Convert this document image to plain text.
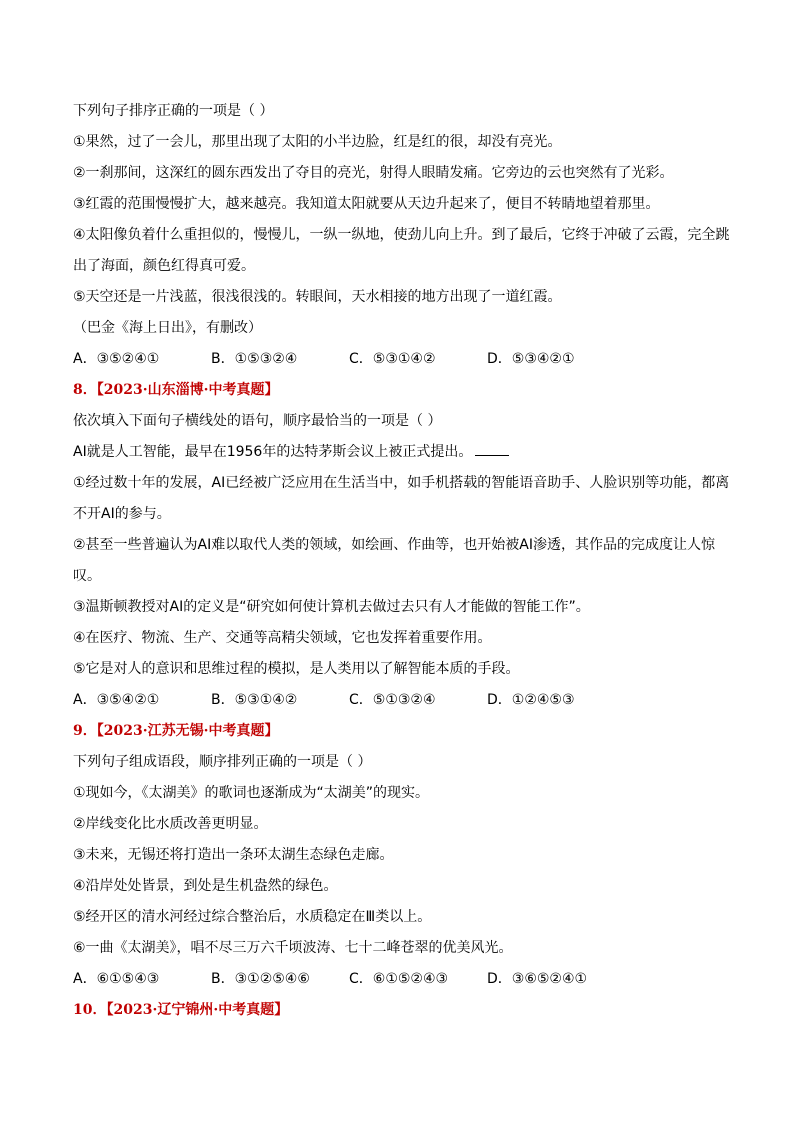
下列句子排序正确的一项是（ ）
①果然，过了一会儿，那里出现了太阳的小半边脸，红是红的很，却没有亮光。
②一刹那间，这深红的圆东西发出了夺目的亮光，射得人眼睛发痛。它旁边的云也突然有了光彩。
③红霞的范围慢慢扩大，越来越亮。我知道太阳就要从天边升起来了，便目不转睛地望着那里。
④太阳像负着什么重担似的，慢慢儿，一纵一纵地，使劲儿向上升。到了最后，它终于冲破了云霞，完全跳出了海面，颜色红得真可爱。
⑤天空还是一片浅蓝，很浅很浅的。转眼间，天水相接的地方出现了一道红霞。
（巴金《海上日出》，有删改）
A．③⑤②④①	B．①⑤③②④	C．⑤③①④②	D．⑤③④②①
8．【2023·山东淄博·中考真题】
依次填入下面句子横线处的语句，顺序最恰当的一项是（ ）
AI就是人工智能，最早在1956年的达特茅斯会议上被正式提出。
①经过数十年的发展，AI已经被广泛应用在生活当中，如手机搭载的智能语音助手、人脸识别等功能，都离不开AI的参与。
②甚至一些普遍认为AI难以取代人类的领域，如绘画、作曲等，也开始被AI渗透，其作品的完成度让人惊叹。
③温斯顿教授对AI的定义是“研究如何使计算机去做过去只有人才能做的智能工作”。
④在医疗、物流、生产、交通等高精尖领域，它也发挥着重要作用。
⑤它是对人的意识和思维过程的模拟，是人类用以了解智能本质的手段。
A．③⑤④②①	B．⑤③①④②	C．⑤①③②④	D．①②④⑤③
9．【2023·江苏无锡·中考真题】
下列句子组成语段，顺序排列正确的一项是（ ）
①现如今，《太湖美》的歌词也逐渐成为“太湖美”的现实。
②岸线变化比水质改善更明显。
③未来，无锡还将打造出一条环太湖生态绿色走廊。
④沿岸处处皆景，到处是生机盎然的绿色。
⑤经开区的清水河经过综合整治后，水质稳定在Ⅲ类以上。
⑥一曲《太湖美》，唱不尽三万六千顷波涛、七十二峰苍翠的优美风光。
A．⑥①⑤④③	B．③①②⑤④⑥	C．⑥①⑤②④③	D．③⑥⑤②④①
10．【2023·辽宁锦州·中考真题】
